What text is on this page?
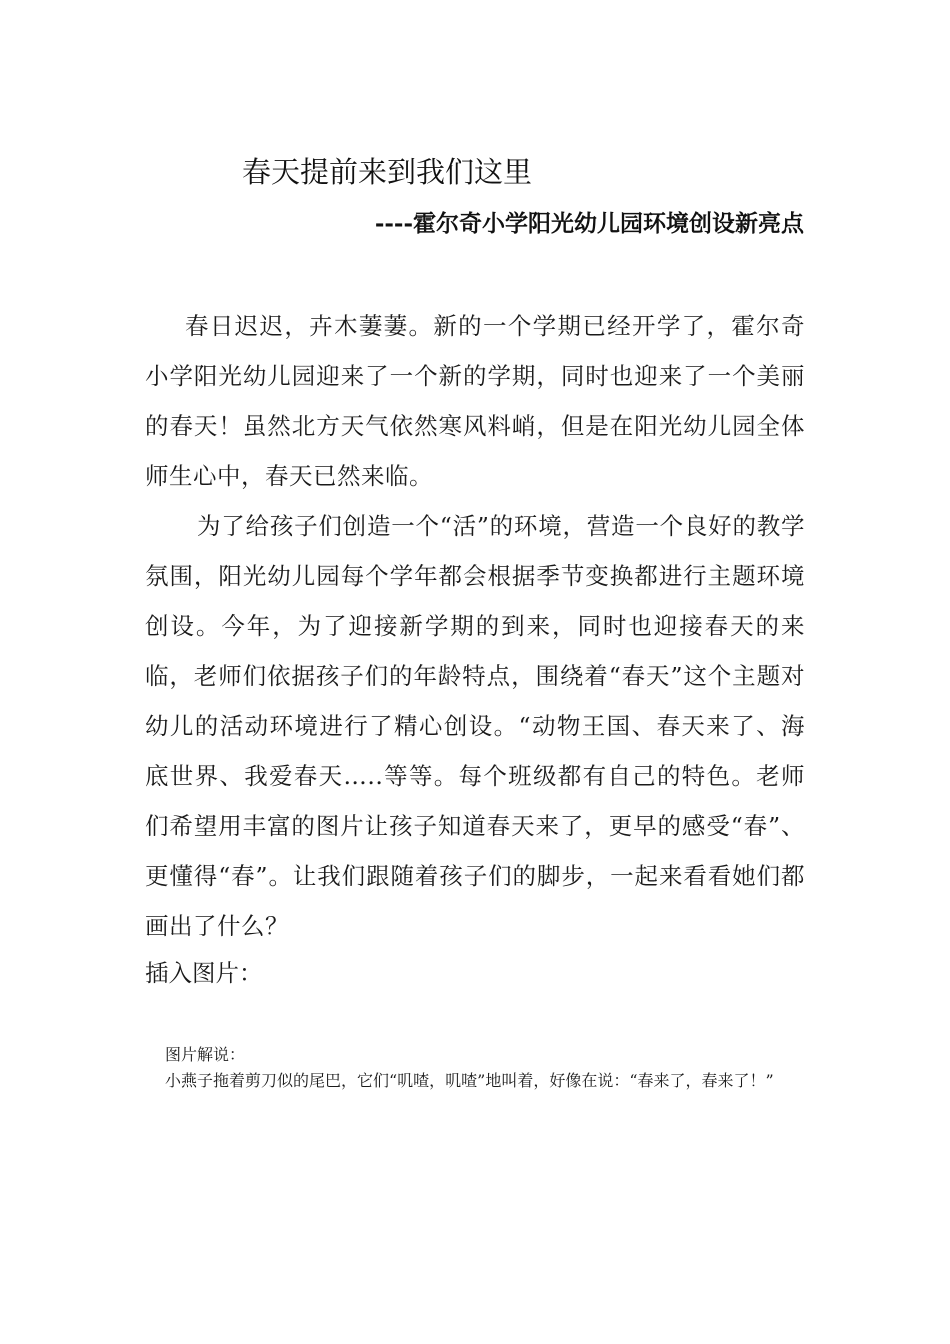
春天提前来到我们这里
----霍尔奇小学阳光幼儿园环境创设新亮点

春日迟迟，卉木萋萋。新的一个学期已经开学了，霍尔奇小学阳光幼儿园迎来了一个新的学期，同时也迎来了一个美丽的春天！虽然北方天气依然寒风料峭，但是在阳光幼儿园全体师生心中，春天已然来临。

为了给孩子们创造一个“活”的环境，营造一个良好的教学氛围，阳光幼儿园每个学年都会根据季节变换都进行主题环境创设。今年，为了迎接新学期的到来，同时也迎接春天的来临，老师们依据孩子们的年龄特点，围绕着“春天”这个主题对幼儿的活动环境进行了精心创设。“动物王国、春天来了、海底世界、我爱春天…..等等。每个班级都有自己的特色。老师们希望用丰富的图片让孩子知道春天来了，更早的感受“春”、更懂得“春”。让我们跟随着孩子们的脚步，一起来看看她们都画出了什么？

插入图片：

图片解说：

小燕子拖着剪刀似的尾巴，它们“叽喳，叽喳”地叫着，好像在说：“春来了，春来了！”
